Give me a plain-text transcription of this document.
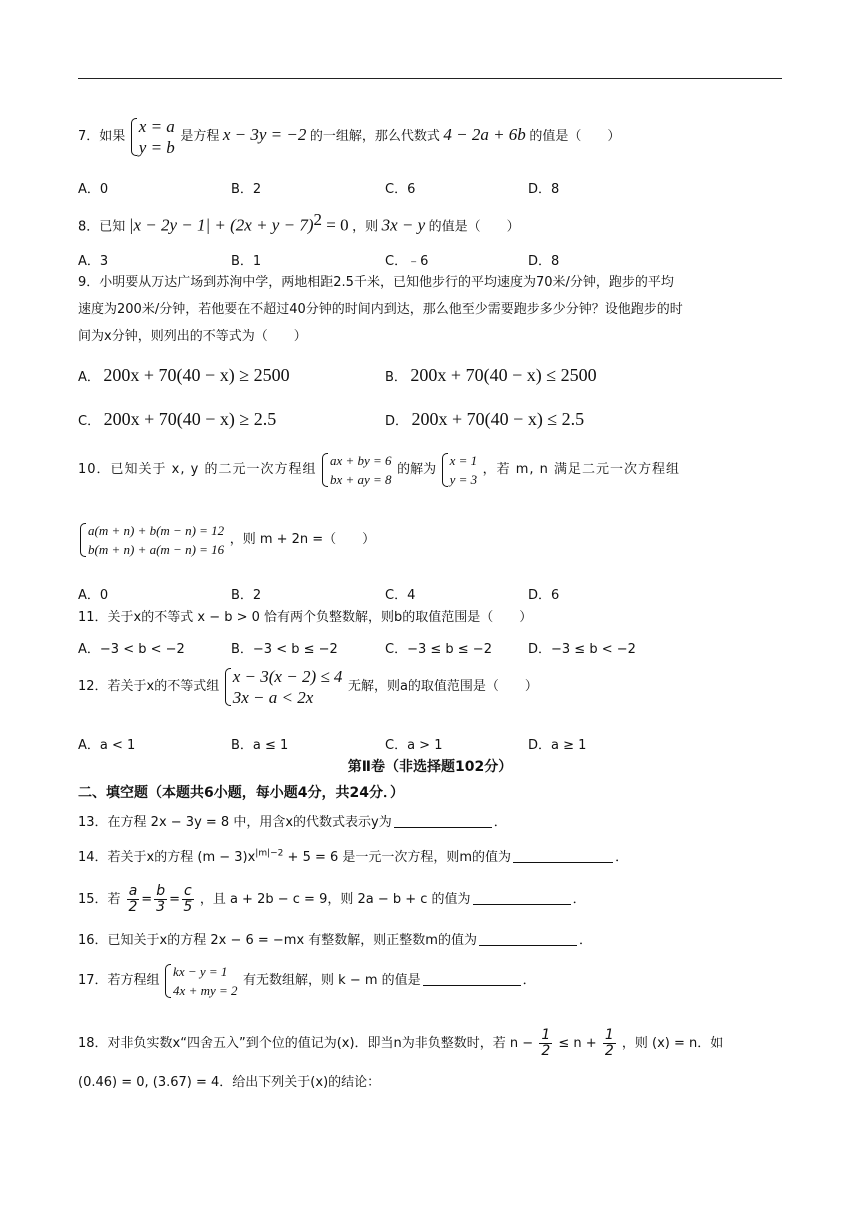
7．如果
x = a
y = b
是方程 x − 3y = −2 的一组解，那么代数式 4 − 2a + 6b 的值是（　　）
A．0	B．2	C．6	D．8
8．已知 $|x - 2y - 1| + (2x + y - 7)^2 = 0$ ，则 3x − y 的值是（　　）
A．3	B．1	C．﹣6	D．8
9．小明要从万达广场到苏洵中学，两地相距2.5千米，已知他步行的平均速度为70米/分钟，跑步的平均
速度为200米/分钟，若他要在不超过40分钟的时间内到达，那么他至少需要跑步多少分钟？设他跑步的时
间为x分钟，则列出的不等式为（　　）
A． 200x + 70(40 − x) ≥ 2500	B． 200x + 70(40 − x) ≤ 2500
C． 200x + 70(40 − x) ≥ 2.5	D． 200x + 70(40 − x) ≤ 2.5
10．已知关于 x, y 的二元一次方程组
ax + by = 6
bx + ay = 8
的解为
x = 1
y = 3
，若 m, n 满足二元一次方程组
a(m + n) + b(m − n) = 12
b(m + n) + a(m − n) = 16
，则 m + 2n =（　　）
A．0	B．2	C．4	D．6
11．关于x的不等式 x − b > 0 恰有两个负整数解，则b的取值范围是（　　）
A．−3 < b < −2	B．−3 < b ≤ −2	C．−3 ≤ b ≤ −2	D．−3 ≤ b < −2
12．若关于x的不等式组
x − 3(x − 2) ≤ 4
3x − a < 2x
无解，则a的取值范围是（　　）
A．a < 1	B．a ≤ 1	C．a > 1	D．a ≥ 1
第Ⅱ卷（非选择题102分）
二、填空题（本题共6小题，每小题4分，共24分．）
13．在方程 2x − 3y = 8 中，用含x的代数式表示y为	．
14．若关于x的方程 $(m - 3)x^{|m|-2} + 5 = 6$ 是一元一次方程，则m的值为	．
15．若 $\frac{a}{2} = \frac{b}{3} = \frac{c}{5}$ ，且 a + 2b − c = 9，则 2a − b + c 的值为	．
16．已知关于x的方程 2x − 6 = −mx 有整数解，则正整数m的值为	．
17．若方程组
kx − y = 1
4x + my = 2
有无数组解，则 k − m 的值是	．
18．对非负实数x“四舍五入”到个位的值记为(x)．即当n为非负整数时，若 $n - \frac{1}{2} \le n + \frac{1}{2}$ ，则 (x) = n．如
(0.46) = 0, (3.67) = 4．给出下列关于(x)的结论：
